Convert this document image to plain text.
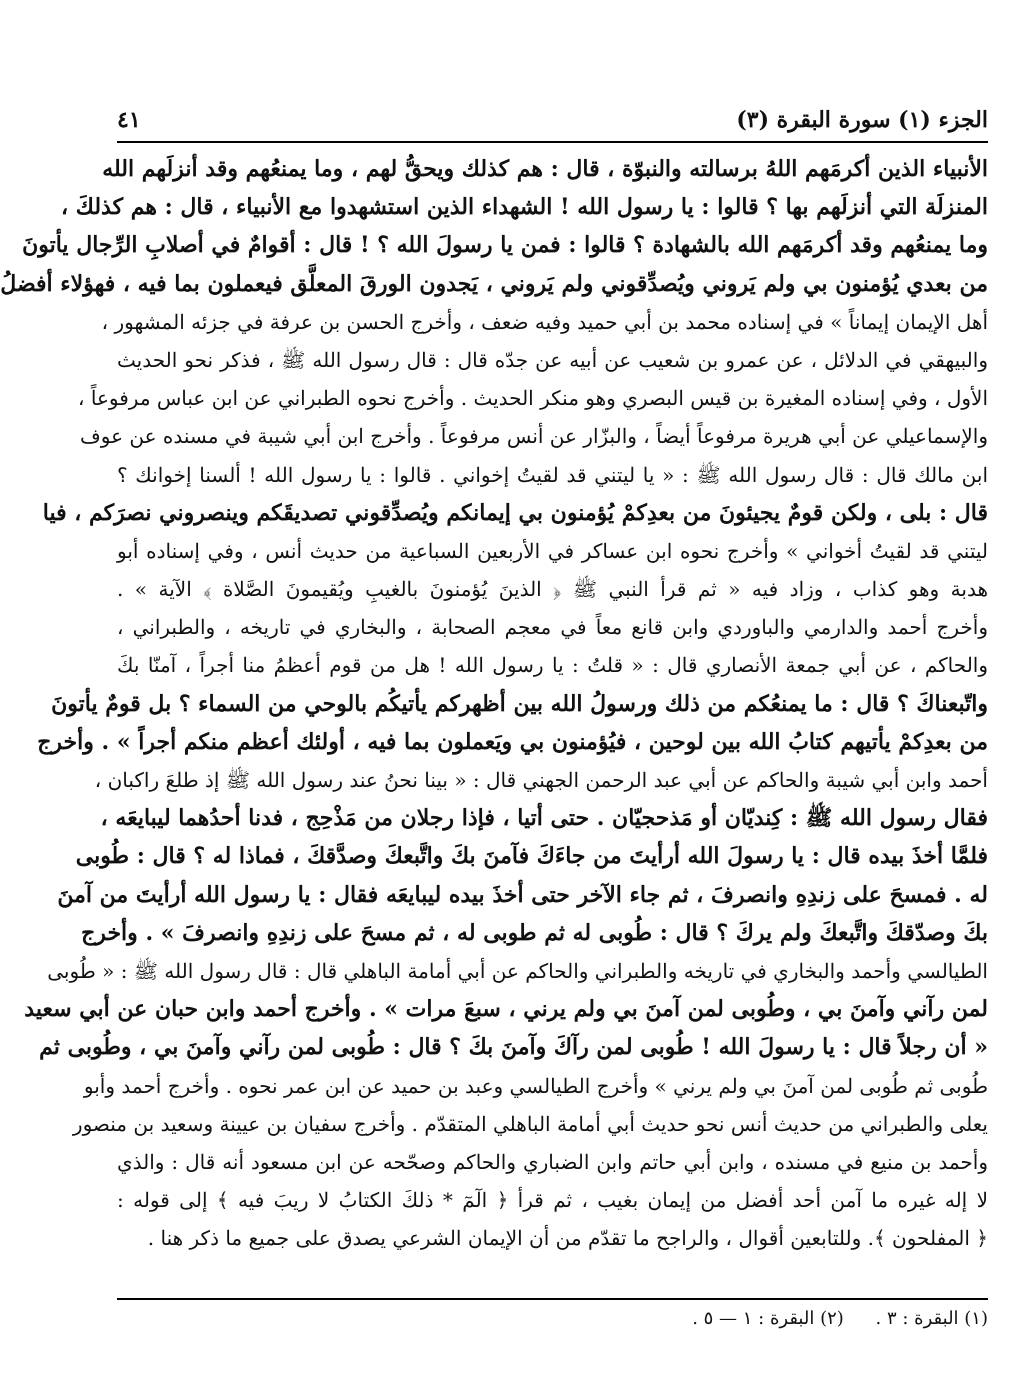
الجزء (١) سورة البقرة (٣)
٤١
الأنبياء الذين أكرمَهم اللهُ برسالته والنبوّة ، قال : هم كذلك ويحقُّ لهم ، وما يمنعُهم وقد أنزلَهم الله
المنزلَة التي أنزلَهم بها ؟ قالوا : يا رسول الله ! الشهداء الذين استشهدوا مع الأنبياء ، قال : هم كذلكَ ،
وما يمنعُهم وقد أكرمَهم الله بالشهادة ؟ قالوا : فمن يا رسولَ الله ؟ ! قال : أقوامٌ في أصلابِ الرِّجال يأتونَ
من بعدي يُؤمنون بي ولم يَروني ويُصدِّقوني ولم يَروني ، يَجدون الورقَ المعلَّق فيعملون بما فيه ، فهؤلاء أفضلُ
أهل الإيمان إيماناً » في إسناده محمد بن أبي حميد وفيه ضعف ، وأخرج الحسن بن عرفة في جزئه المشهور ،
والبيهقي في الدلائل ، عن عمرو بن شعيب عن أبيه عن جدّه قال : قال رسول الله ﷺ ، فذكر نحو الحديث
الأول ، وفي إسناده المغيرة بن قيس البصري وهو منكر الحديث . وأخرج نحوه الطبراني عن ابن عباس مرفوعاً ،
والإسماعيلي عن أبي هريرة مرفوعاً أيضاً ، والبزّار عن أنس مرفوعاً . وأخرج ابن أبي شيبة في مسنده عن عوف
ابن مالك قال : قال رسول الله ﷺ : « يا ليتني قد لقيتُ إخواني . قالوا : يا رسول الله ! ألسنا إخوانك ؟
قال : بلى ، ولكن قومٌ يجيئونَ من بعدِكمْ يُؤمنون بي إيمانكم ويُصدِّقوني تصديقَكم وينصروني نصرَكم ، فيا
ليتني قد لقيتُ أخواني » وأخرج نحوه ابن عساكر في الأربعين السباعية من حديث أنس ، وفي إسناده أبو
هدبة وهو كذاب ، وزاد فيه « ثم قرأ النبي ﷺ ﴿ الذينَ يُؤمنونَ بالغيبِ ويُقيمونَ الصَّلاة ﴾ الآية » .
وأخرج أحمد والدارمي والباوردي وابن قانع معاً في معجم الصحابة ، والبخاري في تاريخه ، والطبراني ،
والحاكم ، عن أبي جمعة الأنصاري قال : « قلتُ : يا رسول الله ! هل من قوم أعظمُ منا أجراً ، آمنّا بكَ
واتّبعناكَ ؟ قال : ما يمنعُكم من ذلك ورسولُ الله بين أظهركم يأتيكُم بالوحي من السماء ؟ بل قومٌ يأتونَ
من بعدِكمْ يأتيهم كتابُ الله بين لوحين ، فيُؤمنون بي ويَعملون بما فيه ، أولئك أعظم منكم أجراً » . وأخرج
أحمد وابن أبي شيبة والحاكم عن أبي عبد الرحمن الجهني قال : « بينا نحنُ عند رسول الله ﷺ إذ طلعَ راكبان ،
فقال رسول الله ﷺ : كِنديّان أو مَذحجيّان . حتى أتيا ، فإذا رجلان من مَذْحِج ، فدنا أحدُهما ليبايعَه ،
فلمَّا أخذَ بيده قال : يا رسولَ الله أرأيتَ من جاءَكَ فآمنَ بكَ واتَّبعكَ وصدَّقكَ ، فماذا له ؟ قال : طُوبى
له . فمسحَ على زندِهِ وانصرفَ ، ثم جاء الآخر حتى أخذَ بيده ليبايعَه فقال : يا رسول الله أرأيتَ من آمنَ
بكَ وصدّقكَ واتَّبعكَ ولم يركَ ؟ قال : طُوبى له ثم طوبى له ، ثم مسحَ على زندِهِ وانصرفَ » . وأخرج
الطيالسي وأحمد والبخاري في تاريخه والطبراني والحاكم عن أبي أمامة الباهلي قال : قال رسول الله ﷺ : « طُوبى
لمن رآني وآمنَ بي ، وطُوبى لمن آمنَ بي ولم يرني ، سبعَ مرات » . وأخرج أحمد وابن حبان عن أبي سعيد
« أن رجلاً قال : يا رسولَ الله ! طُوبى لمن رآكَ وآمنَ بكَ ؟ قال : طُوبى لمن رآني وآمنَ بي ، وطُوبى ثم
طُوبى ثم طُوبى لمن آمنَ بي ولم يرني » وأخرج الطيالسي وعبد بن حميد عن ابن عمر نحوه . وأخرج أحمد وأبو
يعلى والطبراني من حديث أنس نحو حديث أبي أمامة الباهلي المتقدّم . وأخرج سفيان بن عيينة وسعيد بن منصور
وأحمد بن منيع في مسنده ، وابن أبي حاتم وابن الضباري والحاكم وصحّحه عن ابن مسعود أنه قال : والذي
لا إله غيره ما آمن أحد أفضل من إيمان بغيب ، ثم قرأ ﴿ الٓمٓ * ذلكَ الكتابُ لا ريبَ فيه ﴾ إلى قوله :
﴿ المفلحون ﴾. وللتابعين أقوال ، والراجح ما تقدّم من أن الإيمان الشرعي يصدق على جميع ما ذكر هنا .
(١) البقرة : ٣ . (٢) البقرة : ١ — ٥ .
